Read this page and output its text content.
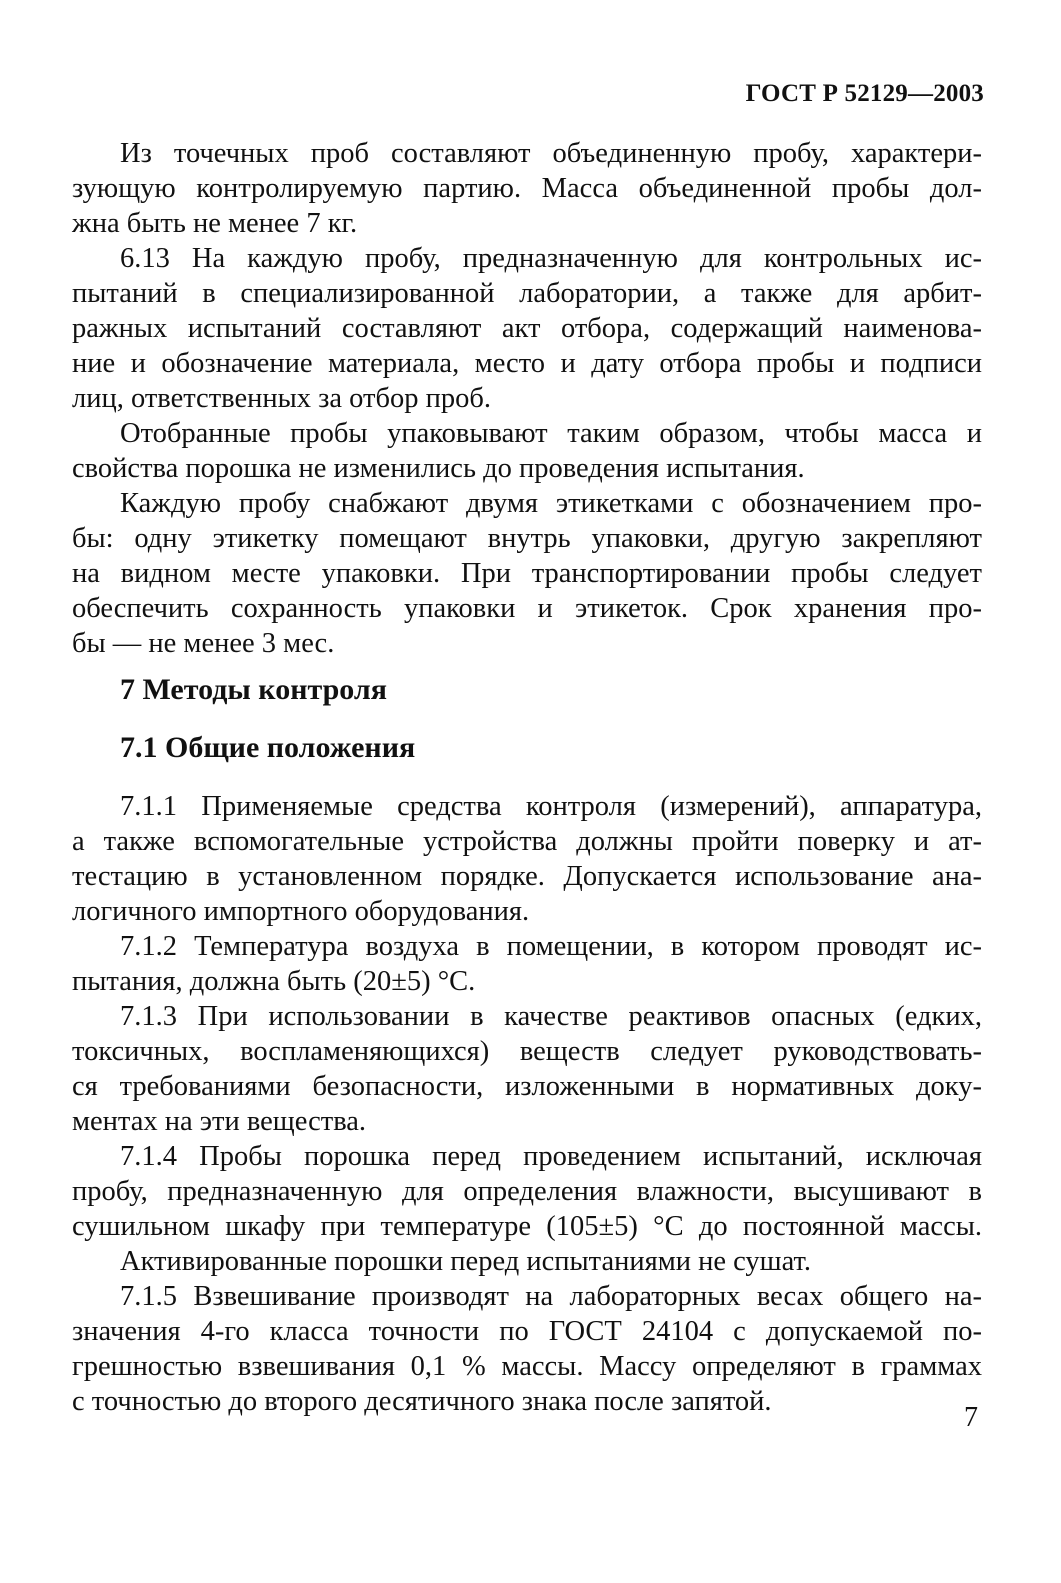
ГОСТ Р 52129—2003
Из точечных проб составляют объединенную пробу, характери-
зующую контролируемую партию. Масса объединенной пробы дол-
жна быть не менее 7 кг.
6.13 На каждую пробу, предназначенную для контрольных ис-
пытаний в специализированной лаборатории, а также для арбит-
ражных испытаний составляют акт отбора, содержащий наименова-
ние и обозначение материала, место и дату отбора пробы и подписи
лиц, ответственных за отбор проб.
Отобранные пробы упаковывают таким образом, чтобы масса и
свойства порошка не изменились до проведения испытания.
Каждую пробу снабжают двумя этикетками с обозначением про-
бы: одну этикетку помещают внутрь упаковки, другую закрепляют
на видном месте упаковки. При транспортировании пробы следует
обеспечить сохранность упаковки и этикеток. Срок хранения про-
бы — не менее 3 мес.
7 Методы контроля
7.1 Общие положения
7.1.1 Применяемые средства контроля (измерений), аппаратура,
а также вспомогательные устройства должны пройти поверку и ат-
тестацию в установленном порядке. Допускается использование ана-
логичного импортного оборудования.
7.1.2 Температура воздуха в помещении, в котором проводят ис-
пытания, должна быть (20±5) °С.
7.1.3 При использовании в качестве реактивов опасных (едких,
токсичных, воспламеняющихся) веществ следует руководствовать-
ся требованиями безопасности, изложенными в нормативных доку-
ментах на эти вещества.
7.1.4 Пробы порошка перед проведением испытаний, исключая
пробу, предназначенную для определения влажности, высушивают в
сушильном шкафу при температуре (105±5) °С до постоянной массы.
Активированные порошки перед испытаниями не сушат.
7.1.5 Взвешивание производят на лабораторных весах общего на-
значения 4-го класса точности по ГОСТ 24104 с допускаемой по-
грешностью взвешивания 0,1 % массы. Массу определяют в граммах
с точностью до второго десятичного знака после запятой.
7
